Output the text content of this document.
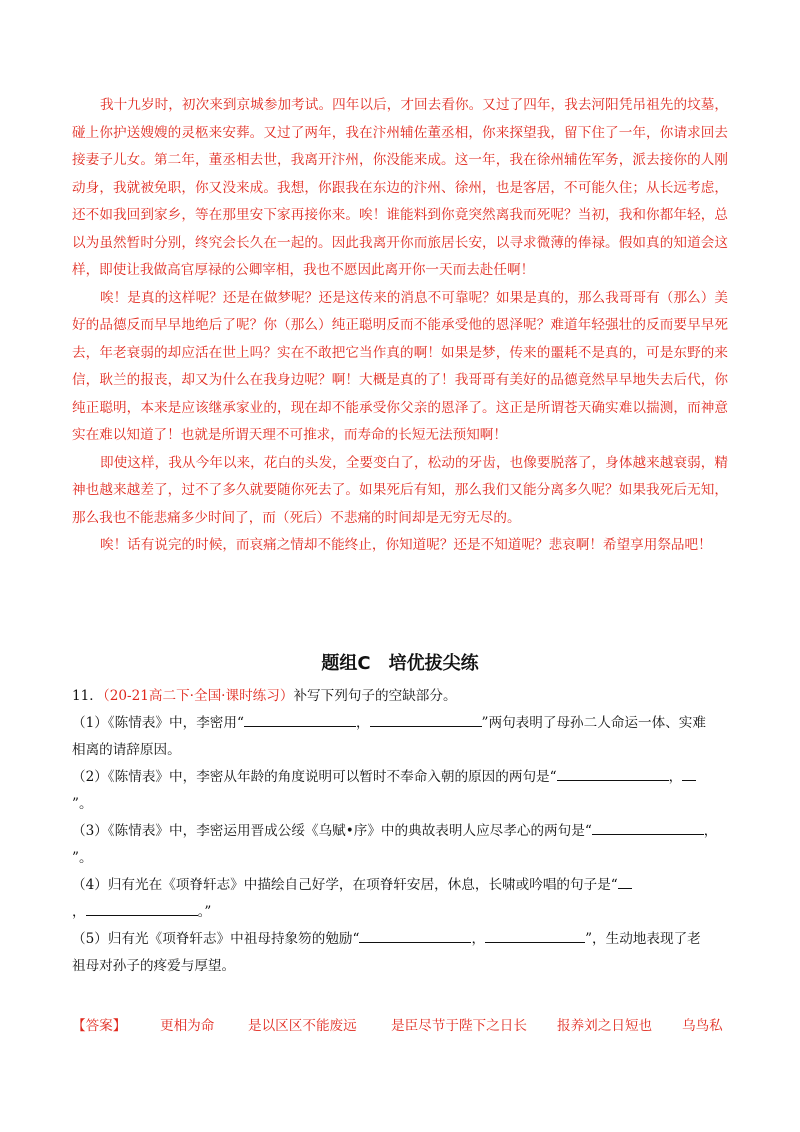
我十九岁时，初次来到京城参加考试。四年以后，才回去看你。又过了四年，我去河阳凭吊祖先的坟墓，碰上你护送嫂嫂的灵柩来安葬。又过了两年，我在汴州辅佐董丞相，你来探望我，留下住了一年，你请求回去接妻子儿女。第二年，董丞相去世，我离开汴州，你没能来成。这一年，我在徐州辅佐军务，派去接你的人刚动身，我就被免职，你又没来成。我想，你跟我在东边的汴州、徐州，也是客居，不可能久住；从长远考虑，还不如我回到家乡，等在那里安下家再接你来。唉！谁能料到你竟突然离我而死呢？当初，我和你都年轻，总以为虽然暂时分别，终究会长久在一起的。因此我离开你而旅居长安，以寻求微薄的俸禄。假如真的知道会这样，即使让我做高官厚禄的公卿宰相，我也不愿因此离开你一天而去赴任啊！

唉！是真的这样呢？还是在做梦呢？还是这传来的消息不可靠呢？如果是真的，那么我哥哥有（那么）美好的品德反而早早地绝后了呢？你（那么）纯正聪明反而不能承受他的恩泽呢？难道年轻强壮的反而要早早死去，年老衰弱的却应活在世上吗？实在不敢把它当作真的啊！如果是梦，传来的噩耗不是真的，可是东野的来信，耿兰的报丧，却又为什么在我身边呢？啊！大概是真的了！我哥哥有美好的品德竟然早早地失去后代，你纯正聪明，本来是应该继承家业的，现在却不能承受你父亲的恩泽了。这正是所谓苍天确实难以揣测，而神意实在难以知道了！也就是所谓天理不可推求，而寿命的长短无法预知啊！

即使这样，我从今年以来，花白的头发，全要变白了，松动的牙齿，也像要脱落了，身体越来越衰弱，精神也越来越差了，过不了多久就要随你死去了。如果死后有知，那么我们又能分离多久呢？如果我死后无知，那么我也不能悲痛多少时间了，而（死后）不悲痛的时间却是无穷无尽的。

唉！话有说完的时候，而哀痛之情却不能终止，你知道呢？还是不知道呢？悲哀啊！希望享用祭品吧！

题组C　培优拔尖练
11．（20-21高二下·全国·课时练习）补写下列句子的空缺部分。
（1）《陈情表》中，李密用“	，	”两句表明了母孙二人命运一体、实难
相离的请辞原因。
（2）《陈情表》中，李密从年龄的角度说明可以暂时不奉命入朝的原因的两句是“	，
”。
（3）《陈情表》中，李密运用晋成公绥《乌赋•序》中的典故表明人应尽孝心的两句是“	，
”。
（4）归有光在《项脊轩志》中描绘自己好学，在项脊轩安居，休息，长啸或吟唱的句子是“
，	。”
（5）归有光《项脊轩志》中祖母持象笏的勉励“	，	”，生动地表现了老
祖母对孙子的疼爱与厚望。
【答案】	更相为命	是以区区不能废远	是臣尽节于陛下之日长	报养刘之日短也	乌鸟私
